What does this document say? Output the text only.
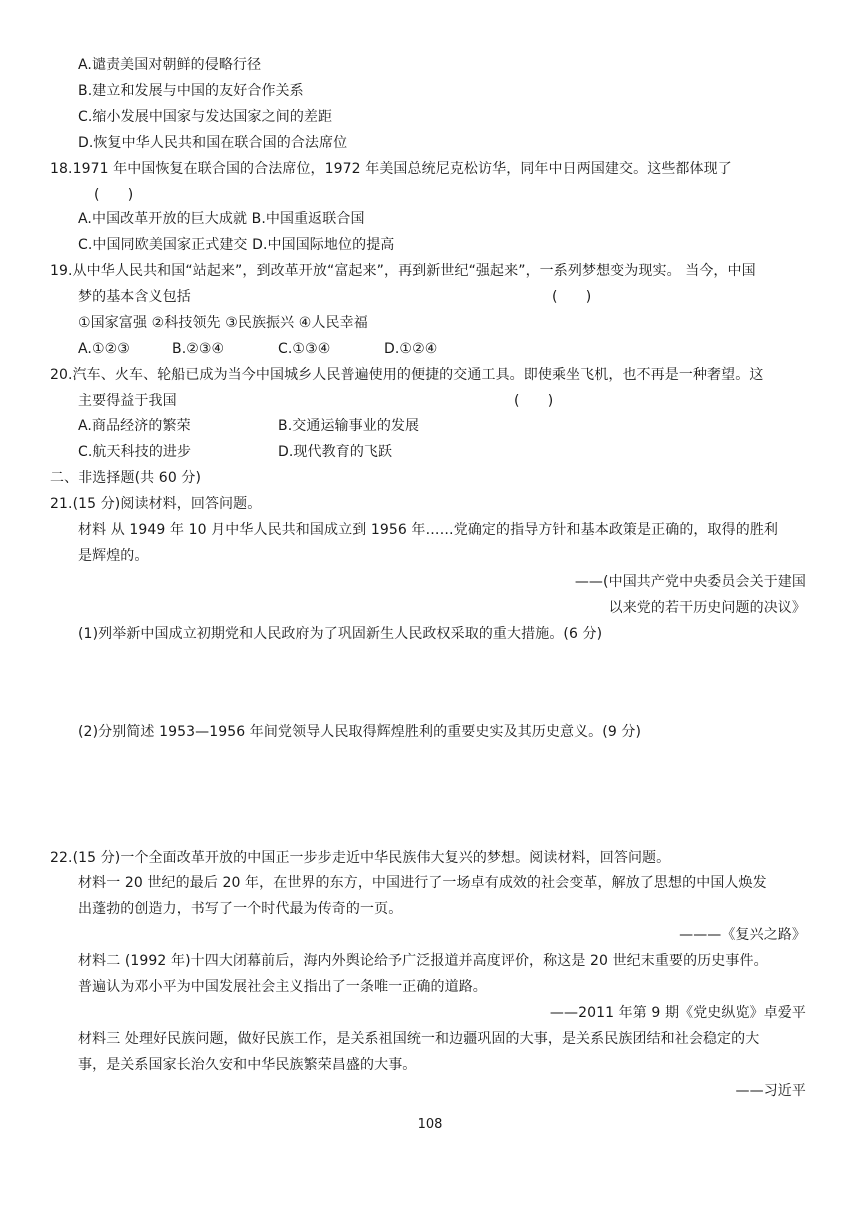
A.谴责美国对朝鲜的侵略行径
B.建立和发展与中国的友好合作关系
C.缩小发展中国家与发达国家之间的差距
D.恢复中华人民共和国在联合国的合法席位
18.1971 年中国恢复在联合国的合法席位，1972 年美国总统尼克松访华，同年中日两国建交。这些都体现了
(　　)
A.中国改革开放的巨大成就 B.中国重返联合国
C.中国同欧美国家正式建交 D.中国国际地位的提高
19.从中华人民共和国“站起来”，到改革开放“富起来”，再到新世纪“强起来”，一系列梦想变为现实。 当今，中国
梦的基本含义包括	(　　)
①国家富强 ②科技领先 ③民族振兴 ④人民幸福
A.①②③	B.②③④	C.①③④	D.①②④
20.汽车、火车、轮船已成为当今中国城乡人民普遍使用的便捷的交通工具。即使乘坐飞机，也不再是一种奢望。这
主要得益于我国	(　　)
A.商品经济的繁荣	B.交通运输事业的发展
C.航天科技的进步	D.现代教育的飞跃
二、非选择题(共 60 分)
21.(15 分)阅读材料，回答问题。
材料 从 1949 年 10 月中华人民共和国成立到 1956 年……党确定的指导方针和基本政策是正确的，取得的胜利
是辉煌的。
——(中国共产党中央委员会关于建国
以来党的若干历史问题的决议》
(1)列举新中国成立初期党和人民政府为了巩固新生人民政权采取的重大措施。(6 分)
(2)分别简述 1953—1956 年间党领导人民取得辉煌胜利的重要史实及其历史意义。(9 分)
22.(15 分)一个全面改革开放的中国正一步步走近中华民族伟大复兴的梦想。阅读材料，回答问题。
材料一 20 世纪的最后 20 年，在世界的东方，中国进行了一场卓有成效的社会变革，解放了思想的中国人焕发
出蓬勃的创造力，书写了一个时代最为传奇的一页。
———《复兴之路》
材料二 (1992 年)十四大闭幕前后，海内外舆论给予广泛报道并高度评价，称这是 20 世纪末重要的历史事件。
普遍认为邓小平为中国发展社会主义指出了一条唯一正确的道路。
——2011 年第 9 期《党史纵览》卓爱平
材料三 处理好民族问题，做好民族工作，是关系祖国统一和边疆巩固的大事，是关系民族团结和社会稳定的大
事，是关系国家长治久安和中华民族繁荣昌盛的大事。
——习近平
108
